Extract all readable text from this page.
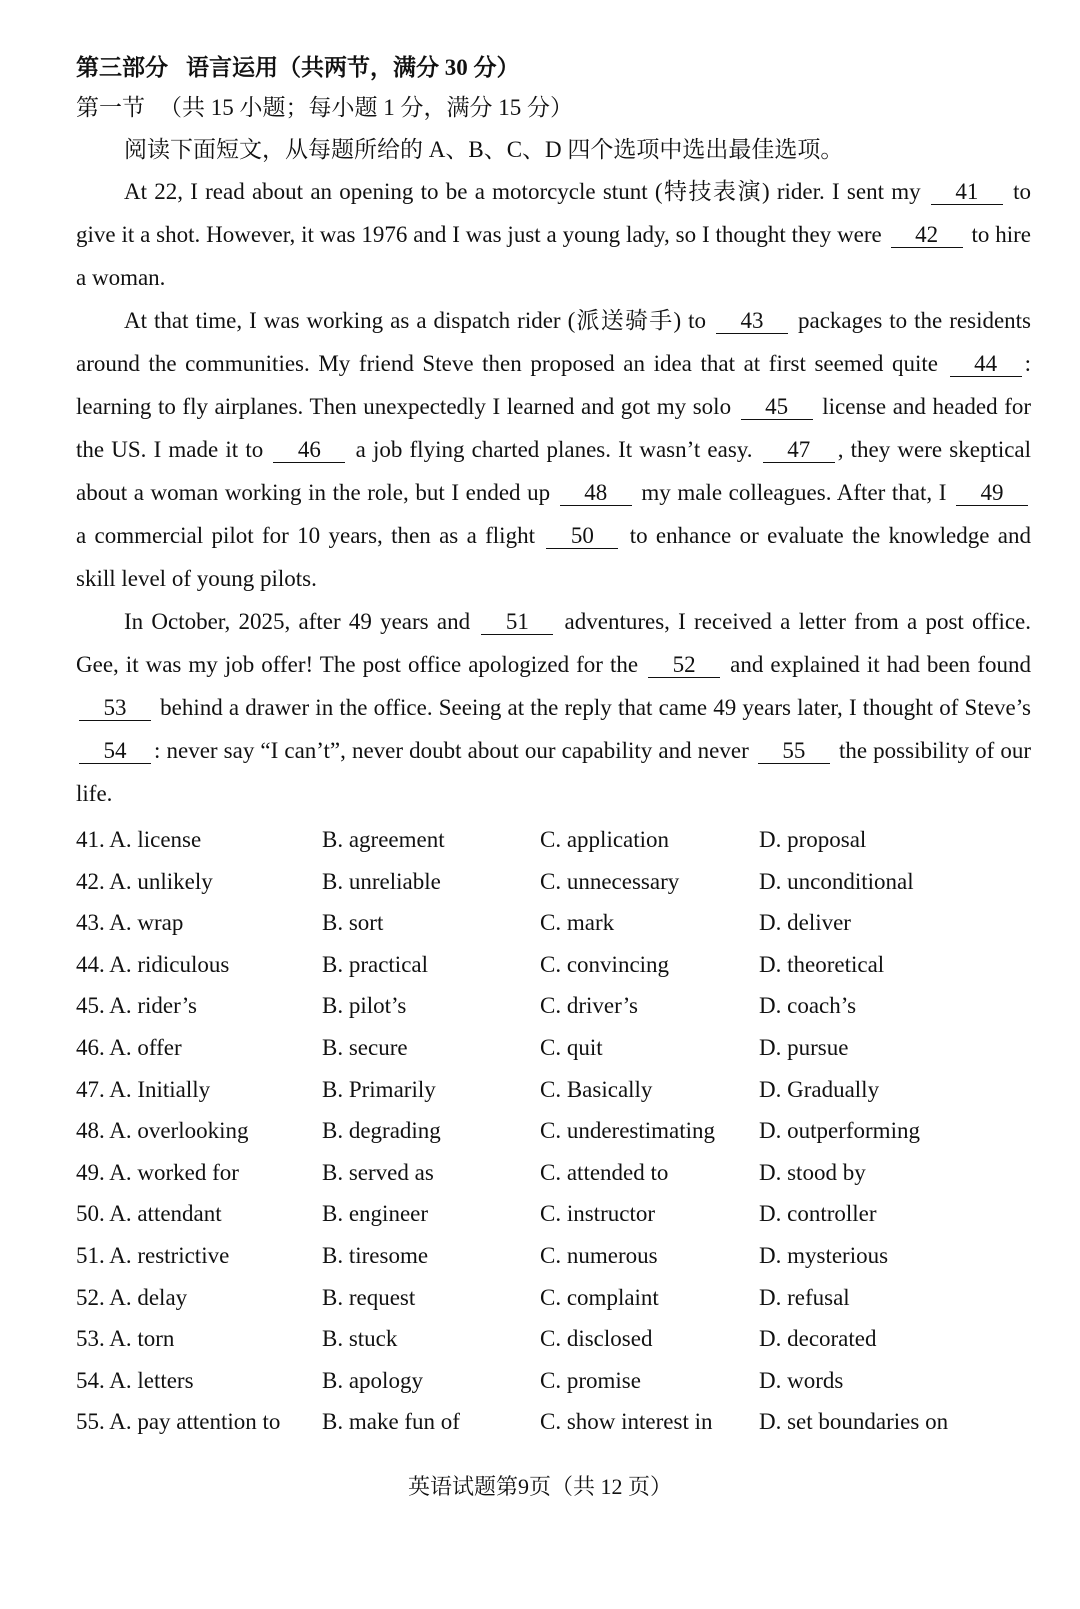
第三部分 语言运用（共两节，满分 30 分）
第一节 （共 15 小题；每小题 1 分，满分 15 分）
阅读下面短文，从每题所给的 A、B、C、D 四个选项中选出最佳选项。

At 22, I read about an opening to be a motorcycle stunt (特技表演) rider. I sent my 41 to give it a shot. However, it was 1976 and I was just a young lady, so I thought they were 42 to hire a woman.

At that time, I was working as a dispatch rider (派送骑手) to 43 packages to the residents around the communities. My friend Steve then proposed an idea that at first seemed quite 44 : learning to fly airplanes. Then unexpectedly I learned and got my solo 45 license and headed for the US. I made it to 46 a job flying charted planes. It wasn’t easy. 47 , they were skeptical about a woman working in the role, but I ended up 48 my male colleagues. After that, I 49 a commercial pilot for 10 years, then as a flight 50 to enhance or evaluate the knowledge and skill level of young pilots.

In October, 2025, after 49 years and 51 adventures, I received a letter from a post office. Gee, it was my job offer! The post office apologized for the 52 and explained it had been found 53 behind a drawer in the office. Seeing at the reply that came 49 years later, I thought of Steve’s 54 : never say “I can’t”, never doubt about our capability and never 55 the possibility of our life.

41. A. license	B. agreement	C. application	D. proposal
42. A. unlikely	B. unreliable	C. unnecessary	D. unconditional
43. A. wrap	B. sort	C. mark	D. deliver
44. A. ridiculous	B. practical	C. convincing	D. theoretical
45. A. rider’s	B. pilot’s	C. driver’s	D. coach’s
46. A. offer	B. secure	C. quit	D. pursue
47. A. Initially	B. Primarily	C. Basically	D. Gradually
48. A. overlooking	B. degrading	C. underestimating	D. outperforming
49. A. worked for	B. served as	C. attended to	D. stood by
50. A. attendant	B. engineer	C. instructor	D. controller
51. A. restrictive	B. tiresome	C. numerous	D. mysterious
52. A. delay	B. request	C. complaint	D. refusal
53. A. torn	B. stuck	C. disclosed	D. decorated
54. A. letters	B. apology	C. promise	D. words
55. A. pay attention to	B. make fun of	C. show interest in	D. set boundaries on
英语试题第9页（共 12 页）
